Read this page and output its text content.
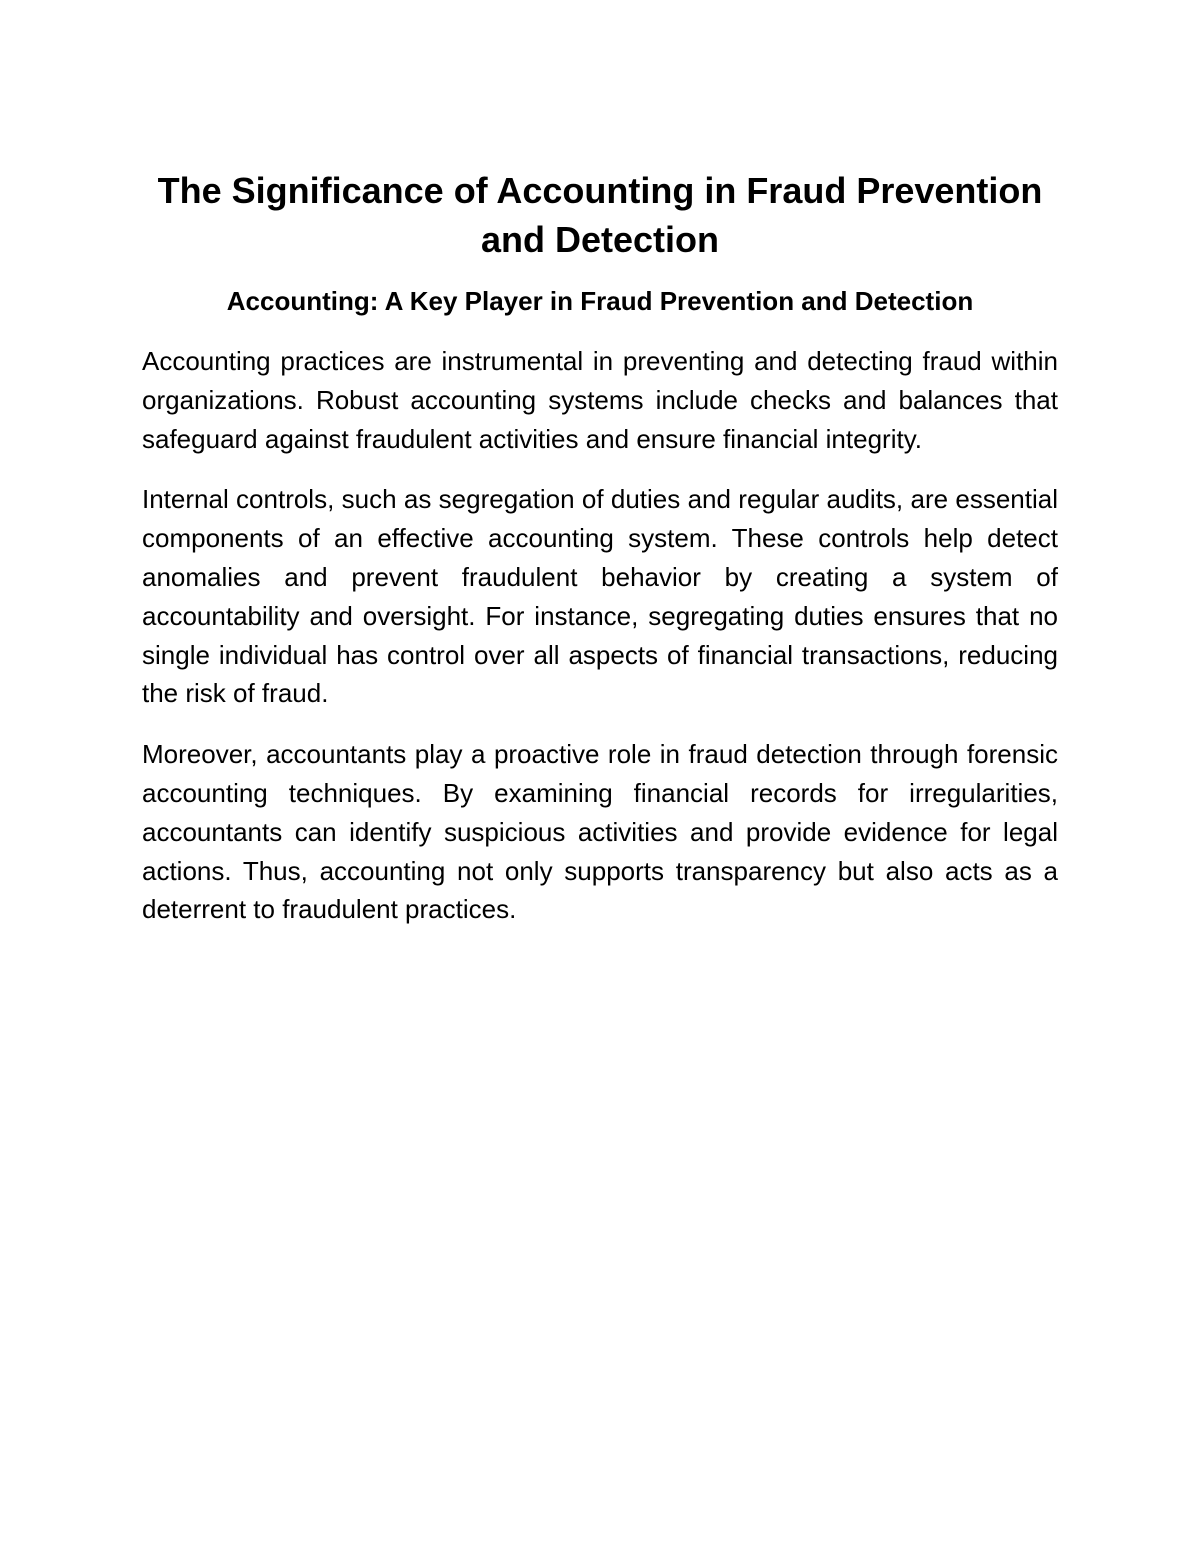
The Significance of Accounting in Fraud Prevention and Detection
Accounting: A Key Player in Fraud Prevention and Detection

Accounting practices are instrumental in preventing and detecting fraud within organizations. Robust accounting systems include checks and balances that safeguard against fraudulent activities and ensure financial integrity.

Internal controls, such as segregation of duties and regular audits, are essential components of an effective accounting system. These controls help detect anomalies and prevent fraudulent behavior by creating a system of accountability and oversight. For instance, segregating duties ensures that no single individual has control over all aspects of financial transactions, reducing the risk of fraud.

Moreover, accountants play a proactive role in fraud detection through forensic accounting techniques. By examining financial records for irregularities, accountants can identify suspicious activities and provide evidence for legal actions. Thus, accounting not only supports transparency but also acts as a deterrent to fraudulent practices.
